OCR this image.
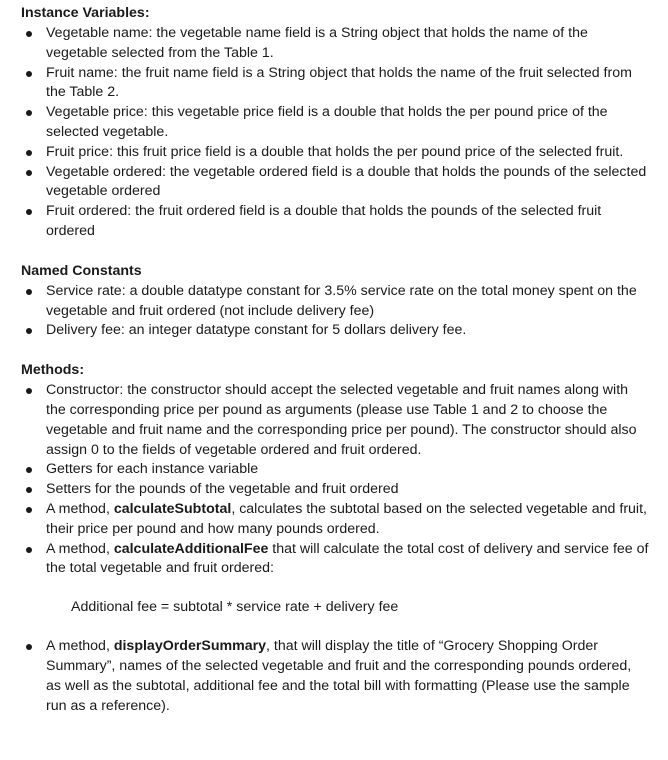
Instance Variables:
Vegetable name: the vegetable name field is a String object that holds the name of the vegetable selected from the Table 1.
Fruit name: the fruit name field is a String object that holds the name of the fruit selected from the Table 2.
Vegetable price: this vegetable price field is a double that holds the per pound price of the selected vegetable.
Fruit price: this fruit price field is a double that holds the per pound price of the selected fruit.
Vegetable ordered: the vegetable ordered field is a double that holds the pounds of the selected vegetable ordered
Fruit ordered: the fruit ordered field is a double that holds the pounds of the selected fruit ordered
Named Constants
Service rate: a double datatype constant for 3.5% service rate on the total money spent on the vegetable and fruit ordered (not include delivery fee)
Delivery fee: an integer datatype constant for 5 dollars delivery fee.
Methods:
Constructor: the constructor should accept the selected vegetable and fruit names along with the corresponding price per pound as arguments (please use Table 1 and 2 to choose the vegetable and fruit name and the corresponding price per pound). The constructor should also assign 0 to the fields of vegetable ordered and fruit ordered.
Getters for each instance variable
Setters for the pounds of the vegetable and fruit ordered
A method, calculateSubtotal, calculates the subtotal based on the selected vegetable and fruit, their price per pound and how many pounds ordered.
A method, calculateAdditionalFee that will calculate the total cost of delivery and service fee of the total vegetable and fruit ordered:
Additional fee = subtotal * service rate + delivery fee
A method, displayOrderSummary, that will display the title of “Grocery Shopping Order Summary”, names of the selected vegetable and fruit and the corresponding pounds ordered, as well as the subtotal, additional fee and the total bill with formatting (Please use the sample run as a reference).
